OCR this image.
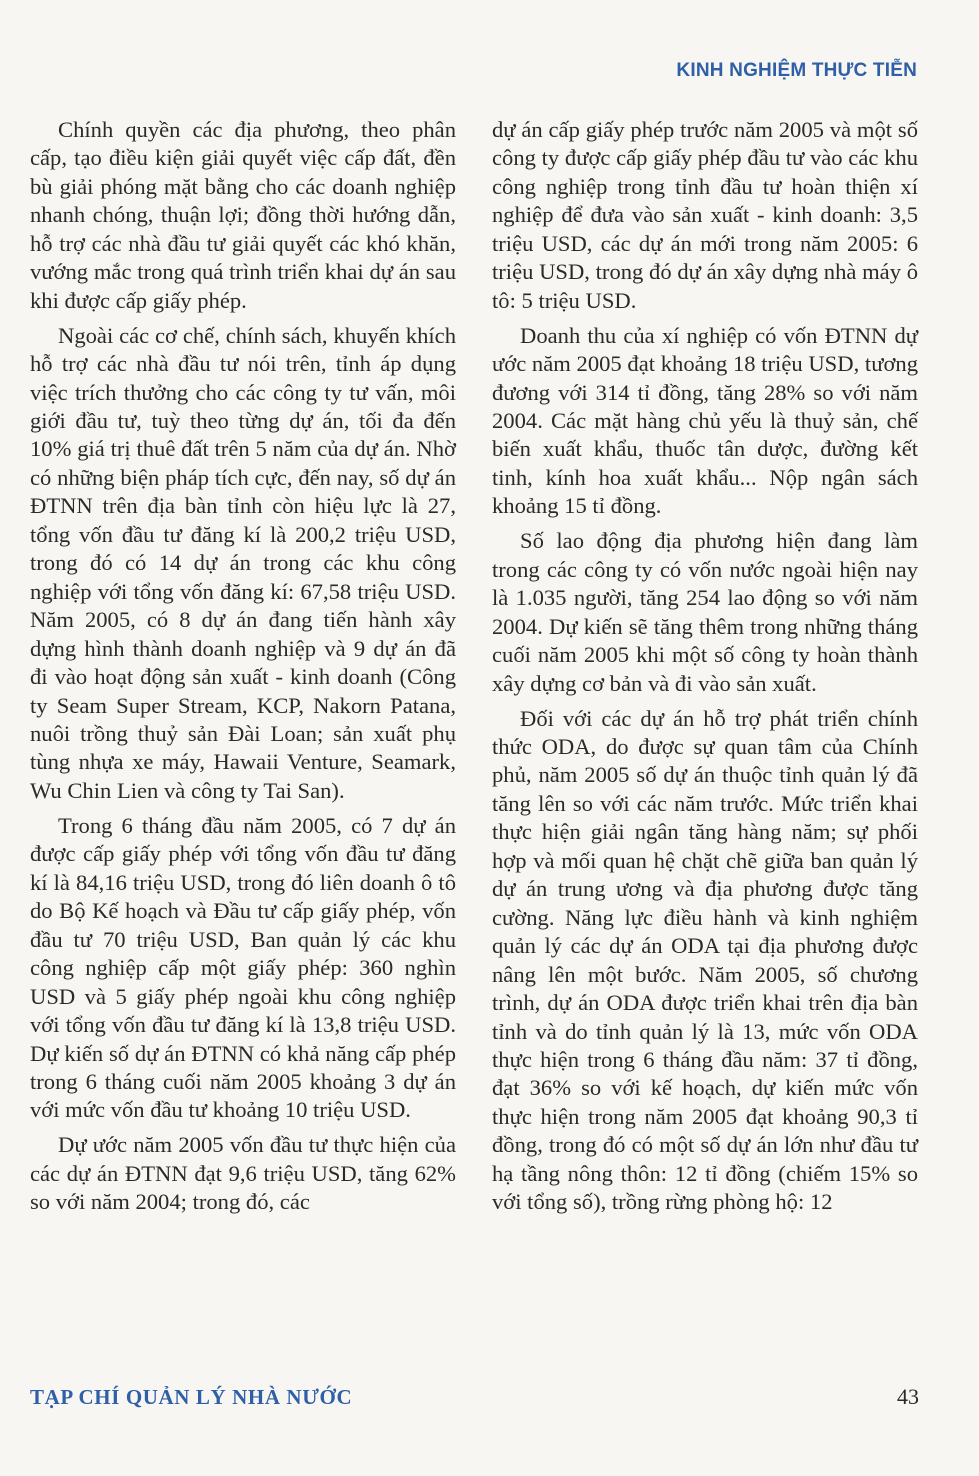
KINH NGHIỆM THỰC TIỄN

Chính quyền các địa phương, theo phân cấp, tạo điều kiện giải quyết việc cấp đất, đền bù giải phóng mặt bằng cho các doanh nghiệp nhanh chóng, thuận lợi; đồng thời hướng dẫn, hỗ trợ các nhà đầu tư giải quyết các khó khăn, vướng mắc trong quá trình triển khai dự án sau khi được cấp giấy phép.

Ngoài các cơ chế, chính sách, khuyến khích hỗ trợ các nhà đầu tư nói trên, tỉnh áp dụng việc trích thưởng cho các công ty tư vấn, môi giới đầu tư, tuỳ theo từng dự án, tối đa đến 10% giá trị thuê đất trên 5 năm của dự án. Nhờ có những biện pháp tích cực, đến nay, số dự án ĐTNN trên địa bàn tỉnh còn hiệu lực là 27, tổng vốn đầu tư đăng kí là 200,2 triệu USD, trong đó có 14 dự án trong các khu công nghiệp với tổng vốn đăng kí: 67,58 triệu USD. Năm 2005, có 8 dự án đang tiến hành xây dựng hình thành doanh nghiệp và 9 dự án đã đi vào hoạt động sản xuất - kinh doanh (Công ty Seam Super Stream, KCP, Nakorn Patana, nuôi trồng thuỷ sản Đài Loan; sản xuất phụ tùng nhựa xe máy, Hawaii Venture, Seamark, Wu Chin Lien và công ty Tai San).

Trong 6 tháng đầu năm 2005, có 7 dự án được cấp giấy phép với tổng vốn đầu tư đăng kí là 84,16 triệu USD, trong đó liên doanh ô tô do Bộ Kế hoạch và Đầu tư cấp giấy phép, vốn đầu tư 70 triệu USD, Ban quản lý các khu công nghiệp cấp một giấy phép: 360 nghìn USD và 5 giấy phép ngoài khu công nghiệp với tổng vốn đầu tư đăng kí là 13,8 triệu USD. Dự kiến số dự án ĐTNN có khả năng cấp phép trong 6 tháng cuối năm 2005 khoảng 3 dự án với mức vốn đầu tư khoảng 10 triệu USD.

Dự ước năm 2005 vốn đầu tư thực hiện của các dự án ĐTNN đạt 9,6 triệu USD, tăng 62% so với năm 2004; trong đó, các

dự án cấp giấy phép trước năm 2005 và một số công ty được cấp giấy phép đầu tư vào các khu công nghiệp trong tỉnh đầu tư hoàn thiện xí nghiệp để đưa vào sản xuất - kinh doanh: 3,5 triệu USD, các dự án mới trong năm 2005: 6 triệu USD, trong đó dự án xây dựng nhà máy ô tô: 5 triệu USD.

Doanh thu của xí nghiệp có vốn ĐTNN dự ước năm 2005 đạt khoảng 18 triệu USD, tương đương với 314 tỉ đồng, tăng 28% so với năm 2004. Các mặt hàng chủ yếu là thuỷ sản, chế biến xuất khẩu, thuốc tân dược, đường kết tinh, kính hoa xuất khẩu... Nộp ngân sách khoảng 15 tỉ đồng.

Số lao động địa phương hiện đang làm trong các công ty có vốn nước ngoài hiện nay là 1.035 người, tăng 254 lao động so với năm 2004. Dự kiến sẽ tăng thêm trong những tháng cuối năm 2005 khi một số công ty hoàn thành xây dựng cơ bản và đi vào sản xuất.

Đối với các dự án hỗ trợ phát triển chính thức ODA, do được sự quan tâm của Chính phủ, năm 2005 số dự án thuộc tỉnh quản lý đã tăng lên so với các năm trước. Mức triển khai thực hiện giải ngân tăng hàng năm; sự phối hợp và mối quan hệ chặt chẽ giữa ban quản lý dự án trung ương và địa phương được tăng cường. Năng lực điều hành và kinh nghiệm quản lý các dự án ODA tại địa phương được nâng lên một bước. Năm 2005, số chương trình, dự án ODA được triển khai trên địa bàn tỉnh và do tỉnh quản lý là 13, mức vốn ODA thực hiện trong 6 tháng đầu năm: 37 tỉ đồng, đạt 36% so với kế hoạch, dự kiến mức vốn thực hiện trong năm 2005 đạt khoảng 90,3 tỉ đồng, trong đó có một số dự án lớn như đầu tư hạ tầng nông thôn: 12 tỉ đồng (chiếm 15% so với tổng số), trồng rừng phòng hộ: 12

TẠP CHÍ QUẢN LÝ NHÀ NƯỚC	43
